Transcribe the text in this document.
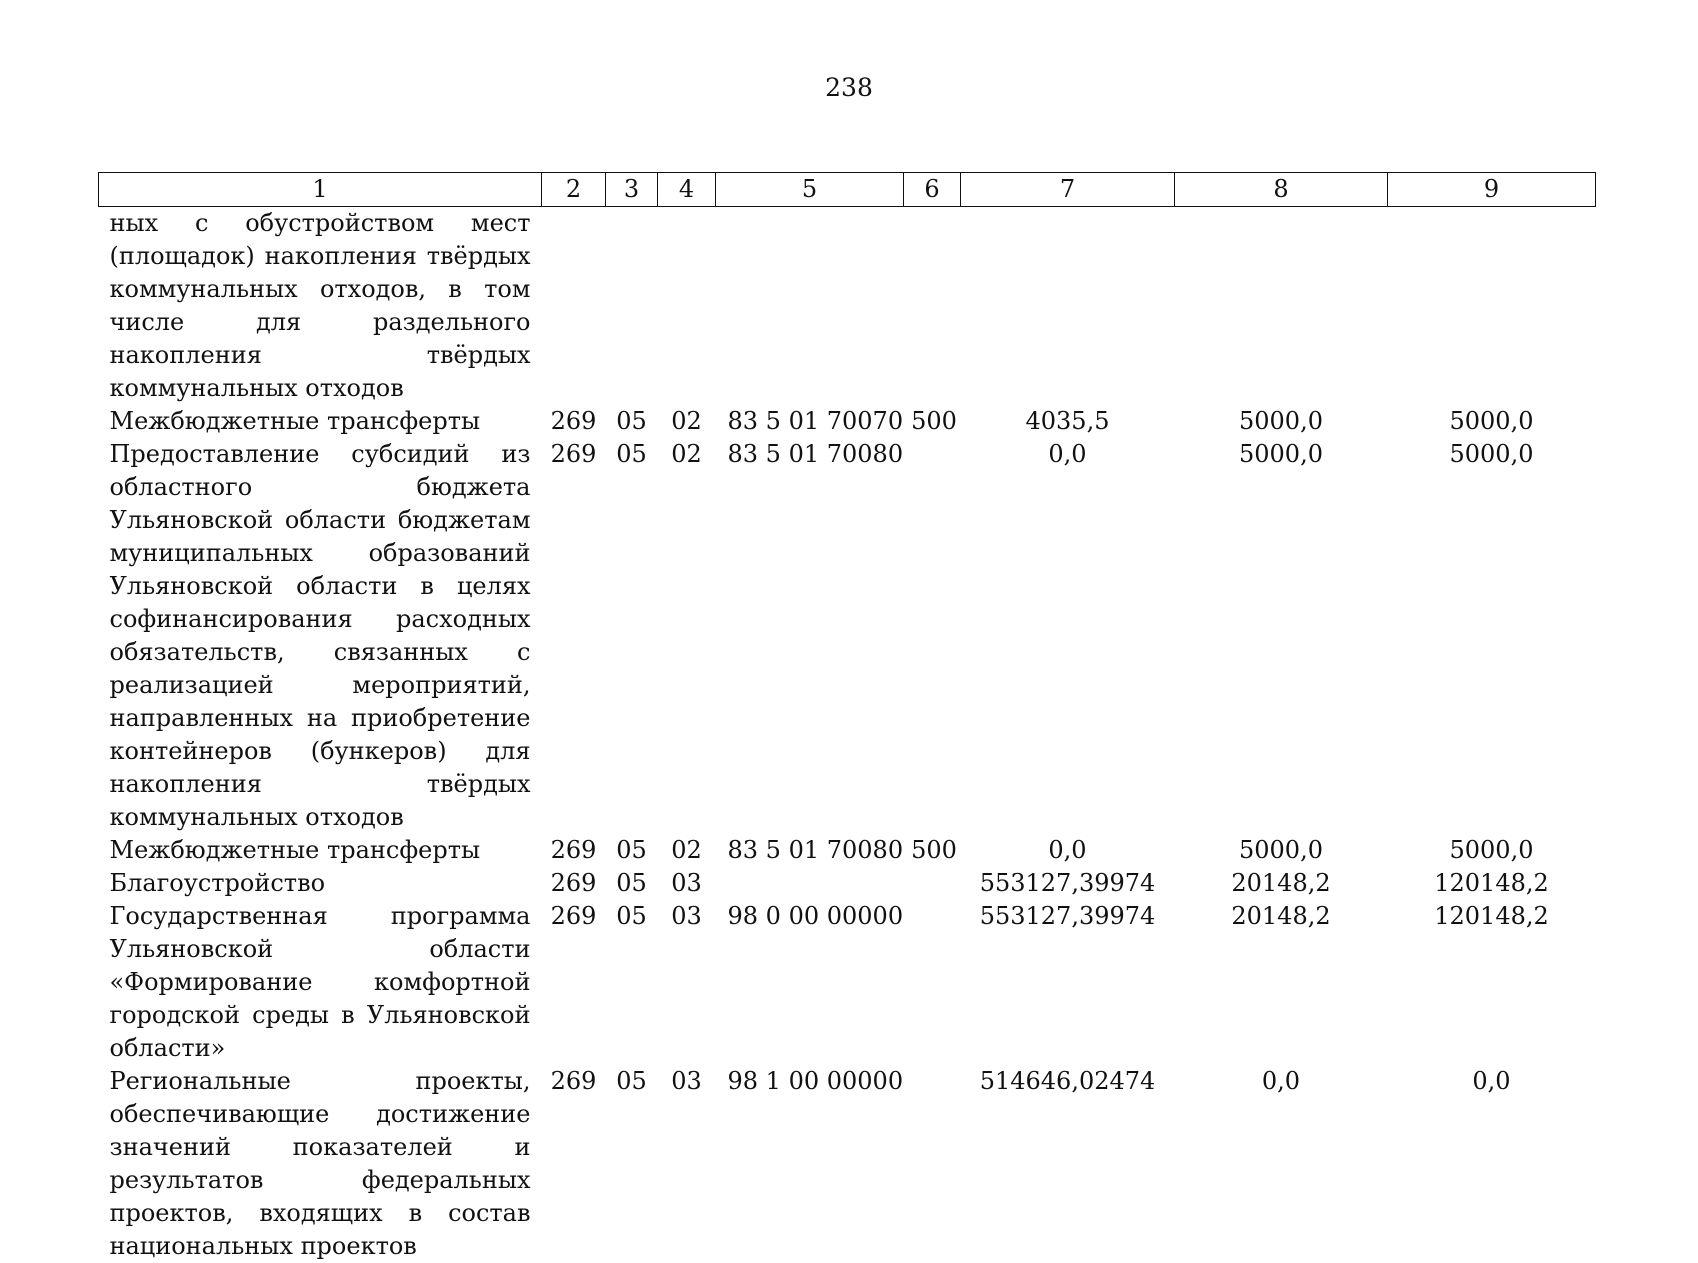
238
1	2	3	4	5	6	7	8	9
ных с обустройством мест (площадок) накопления твёрдых коммунальных отходов, в том числе для раздельного накопления твёрдых коммунальных отходов								
Межбюджетные трансферты	269	05	02	83 5 01 70070	500	4035,5	5000,0	5000,0
Предоставление субсидий из областного бюджета Ульяновской области бюджетам муниципальных образований Ульяновской области в целях софинансирования расходных обязательств, связанных с реализацией мероприятий, направленных на приобретение контейнеров (бункеров) для накопления твёрдых коммунальных отходов	269	05	02	83 5 01 70080		0,0	5000,0	5000,0
Межбюджетные трансферты	269	05	02	83 5 01 70080	500	0,0	5000,0	5000,0
Благоустройство	269	05	03			553127,39974	20148,2	120148,2
Государственная программа Ульяновской области «Формирование комфортной городской среды в Ульяновской области»	269	05	03	98 0 00 00000		553127,39974	20148,2	120148,2
Региональные проекты, обеспечивающие достижение значений показателей и результатов федеральных проектов, входящих в состав национальных проектов	269	05	03	98 1 00 00000		514646,02474	0,0	0,0
